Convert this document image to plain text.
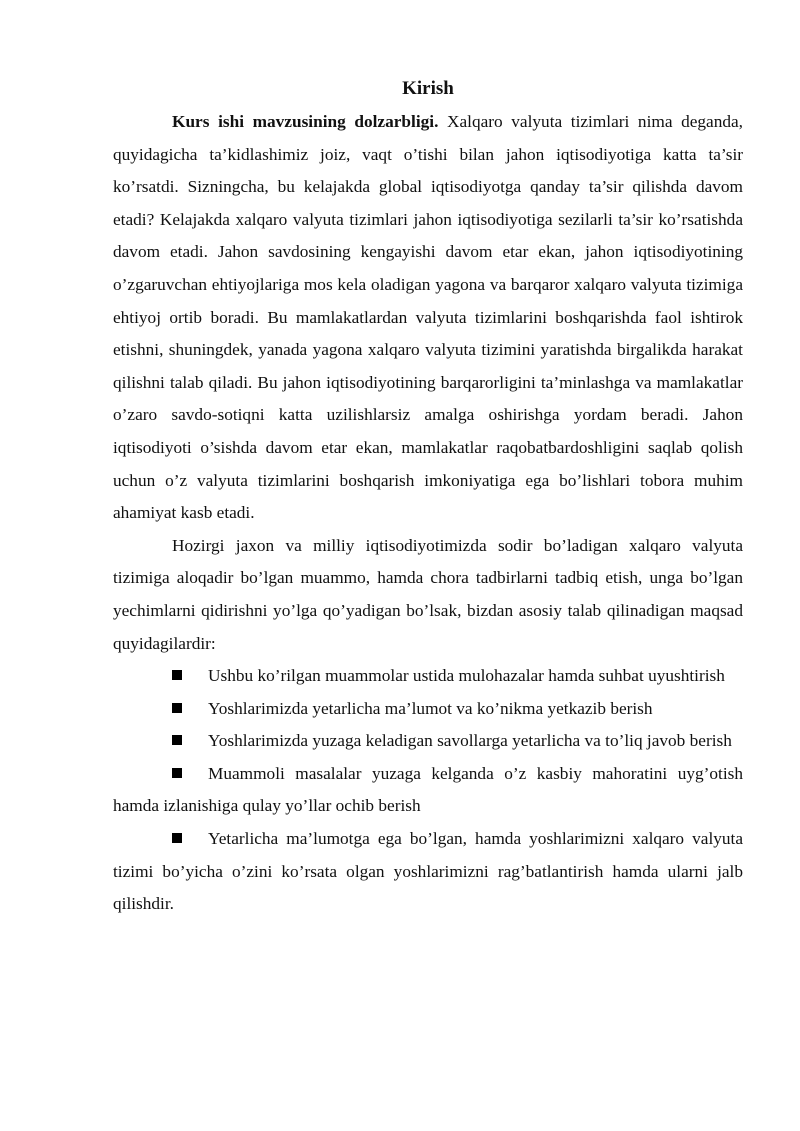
Kirish

Kurs ishi mavzusining dolzarbligi. Xalqaro valyuta tizimlari nima deganda, quyidagicha ta’kidlashimiz joiz, vaqt o’tishi bilan jahon iqtisodiyotiga katta ta’sir ko’rsatdi. Sizningcha, bu kelajakda global iqtisodiyotga qanday ta’sir qilishda davom etadi? Kelajakda xalqaro valyuta tizimlari jahon iqtisodiyotiga sezilarli ta’sir ko’rsatishda davom etadi. Jahon savdosining kengayishi davom etar ekan, jahon iqtisodiyotining o’zgaruvchan ehtiyojlariga mos kela oladigan yagona va barqaror xalqaro valyuta tizimiga ehtiyoj ortib boradi. Bu mamlakatlardan valyuta tizimlarini boshqarishda faol ishtirok etishni, shuningdek, yanada yagona xalqaro valyuta tizimini yaratishda birgalikda harakat qilishni talab qiladi. Bu jahon iqtisodiyotining barqarorligini ta’minlashga va mamlakatlar o’zaro savdo-sotiqni katta uzilishlarsiz amalga oshirishga yordam beradi. Jahon iqtisodiyoti o’sishda davom etar ekan, mamlakatlar raqobatbardoshligini saqlab qolish uchun o’z valyuta tizimlarini boshqarish imkoniyatiga ega bo’lishlari tobora muhim ahamiyat kasb etadi.

Hozirgi jaxon va milliy iqtisodiyotimizda sodir bo’ladigan xalqaro valyuta tizimiga aloqadir bo’lgan muammo, hamda chora tadbirlarni tadbiq etish, unga bo’lgan yechimlarni qidirishni yo’lga qo’yadigan bo’lsak, bizdan asosiy talab qilinadigan maqsad quyidagilardir:

Ushbu ko’rilgan muammolar ustida mulohazalar hamda suhbat uyushtirish
Yoshlarimizda yetarlicha ma’lumot va ko’nikma yetkazib berish
Yoshlarimizda yuzaga keladigan savollarga yetarlicha va to’liq javob berish
Muammoli masalalar yuzaga kelganda o’z kasbiy mahoratini uyg’otish hamda izlanishiga qulay yo’llar ochib berish
Yetarlicha ma’lumotga ega bo’lgan, hamda yoshlarimizni xalqaro valyuta tizimi bo’yicha o’zini ko’rsata olgan yoshlarimizni rag’batlantirish hamda ularni jalb qilishdir.
